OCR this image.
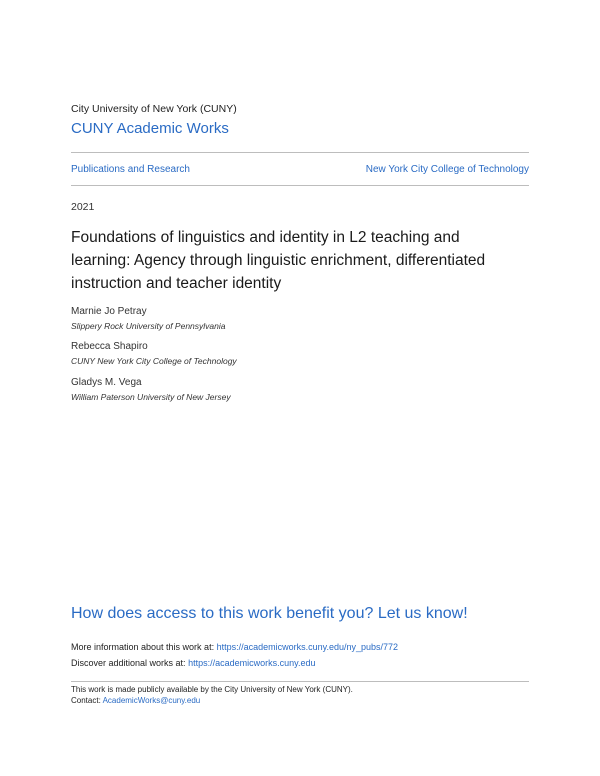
City University of New York (CUNY)
CUNY Academic Works
Publications and Research	New York City College of Technology
2021
Foundations of linguistics and identity in L2 teaching and learning: Agency through linguistic enrichment, differentiated instruction and teacher identity
Marnie Jo Petray
Slippery Rock University of Pennsylvania
Rebecca Shapiro
CUNY New York City College of Technology
Gladys M. Vega
William Paterson University of New Jersey
How does access to this work benefit you? Let us know!
More information about this work at: https://academicworks.cuny.edu/ny_pubs/772
Discover additional works at: https://academicworks.cuny.edu
This work is made publicly available by the City University of New York (CUNY).
Contact: AcademicWorks@cuny.edu
